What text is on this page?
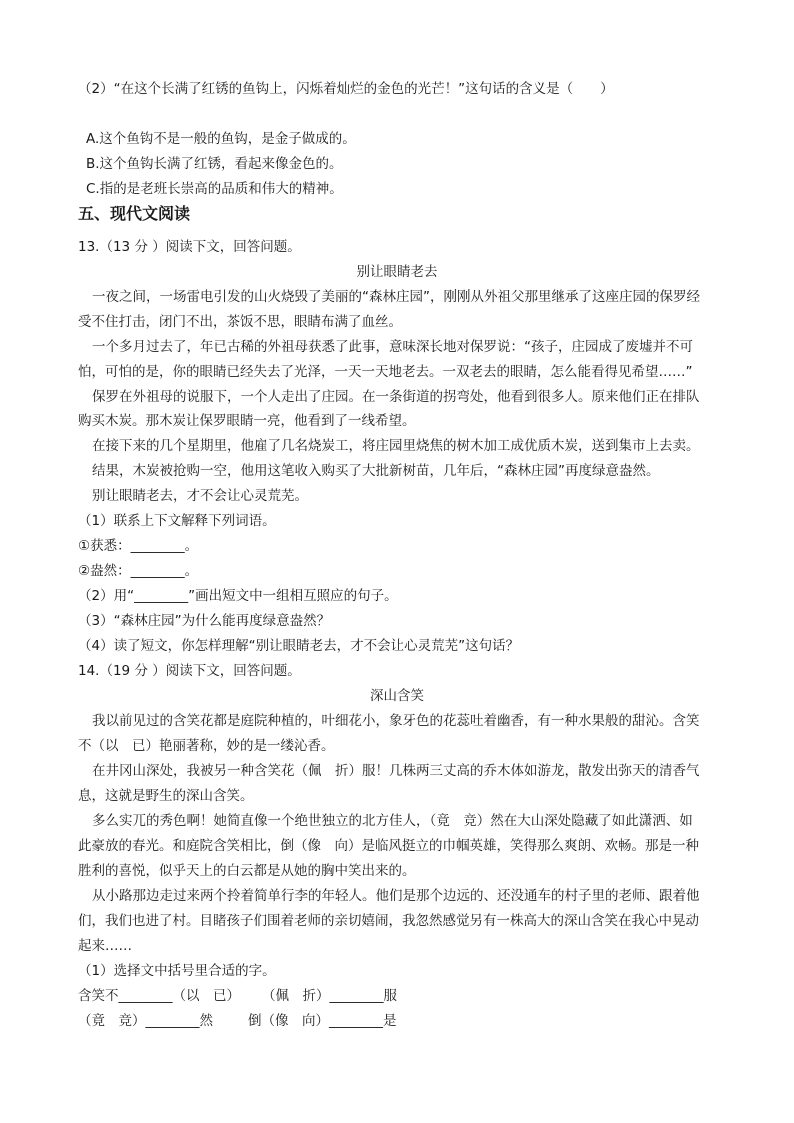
（2）“在这个长满了红锈的鱼钩上，闪烁着灿烂的金色的光芒！”这句话的含义是（　　）
A.这个鱼钩不是一般的鱼钩，是金子做成的。
B.这个鱼钩长满了红锈，看起来像金色的。
C.指的是老班长崇高的品质和伟大的精神。
五、现代文阅读
13.（13 分 ）阅读下文，回答问题。
别让眼睛老去
一夜之间，一场雷电引发的山火烧毁了美丽的“森林庄园”，刚刚从外祖父那里继承了这座庄园的保罗经
受不住打击，闭门不出，茶饭不思，眼睛布满了血丝。
一个多月过去了，年已古稀的外祖母获悉了此事，意味深长地对保罗说：“孩子，庄园成了废墟并不可
怕，可怕的是，你的眼睛已经失去了光泽，一天一天地老去。一双老去的眼睛，怎么能看得见希望……”
保罗在外祖母的说服下，一个人走出了庄园。在一条街道的拐弯处，他看到很多人。原来他们正在排队
购买木炭。那木炭让保罗眼睛一亮，他看到了一线希望。
在接下来的几个星期里，他雇了几名烧炭工，将庄园里烧焦的树木加工成优质木炭，送到集市上去卖。
结果，木炭被抢购一空，他用这笔收入购买了大批新树苗，几年后，“森林庄园”再度绿意盎然。
别让眼睛老去，才不会让心灵荒芜。
（1）联系上下文解释下列词语。
①获悉：________。
②盎然：________。
（2）用“________”画出短文中一组相互照应的句子。
（3）“森林庄园”为什么能再度绿意盎然？
（4）读了短文，你怎样理解“别让眼睛老去，才不会让心灵荒芜”这句话？
14.（19 分 ）阅读下文，回答问题。
深山含笑
我以前见过的含笑花都是庭院种植的，叶细花小，象牙色的花蕊吐着幽香，有一种水果般的甜沁。含笑
不（以　已）艳丽著称，妙的是一缕沁香。
在井冈山深处，我被另一种含笑花（佩　折）服！几株两三丈高的乔木体如游龙，散发出弥天的清香气
息，这就是野生的深山含笑。
多么实兀的秀色啊！她简直像一个绝世独立的北方佳人，（竟　竞）然在大山深处隐藏了如此潇洒、如
此豪放的春光。和庭院含笑相比，倒（像　向）是临风挺立的巾帼英雄，笑得那么爽朗、欢畅。那是一种
胜利的喜悦，似乎天上的白云都是从她的胸中笑出来的。
从小路那边走过来两个拎着简单行李的年轻人。他们是那个边远的、还没通车的村子里的老师、跟着他
们，我们也进了村。目睹孩子们围着老师的亲切嬉闹，我忽然感觉另有一株高大的深山含笑在我心中晃动
起来……
（1）选择文中括号里合适的字。
含笑不________（以　已） （佩　折）________服
（竟　竞）________然	倒（像　向）________是
